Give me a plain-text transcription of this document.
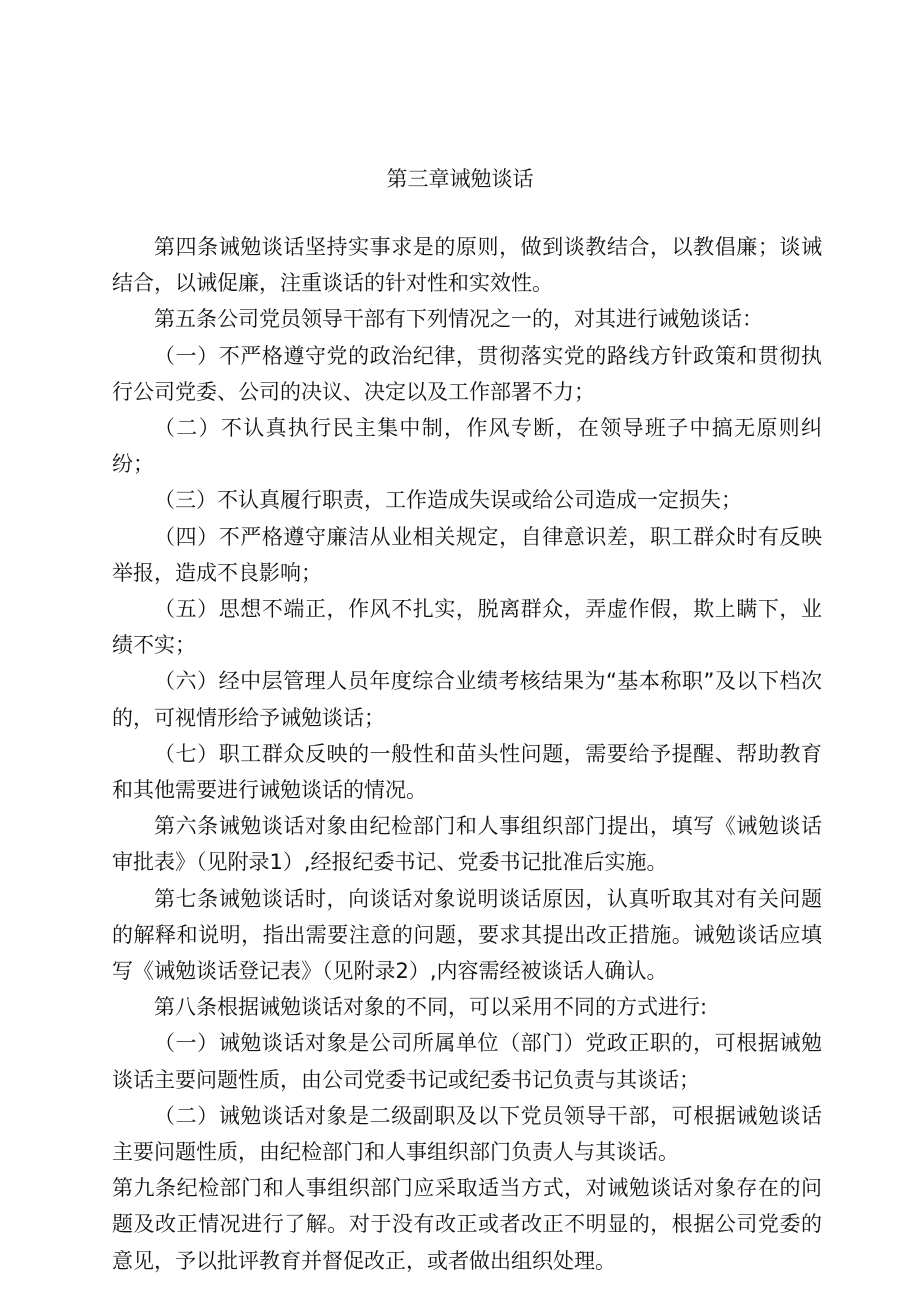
第三章诫勉谈话

第四条诫勉谈话坚持实事求是的原则，做到谈教结合，以教倡廉；谈诫结合，以诫促廉，注重谈话的针对性和实效性。

第五条公司党员领导干部有下列情况之一的，对其进行诫勉谈话：

（一）不严格遵守党的政治纪律，贯彻落实党的路线方针政策和贯彻执行公司党委、公司的决议、决定以及工作部署不力；

（二）不认真执行民主集中制，作风专断，在领导班子中搞无原则纠纷；

（三）不认真履行职责，工作造成失误或给公司造成一定损失；

（四）不严格遵守廉洁从业相关规定，自律意识差，职工群众时有反映举报，造成不良影响；

（五）思想不端正，作风不扎实，脱离群众，弄虚作假，欺上瞒下，业绩不实；

（六）经中层管理人员年度综合业绩考核结果为“基本称职”及以下档次的，可视情形给予诫勉谈话；

（七）职工群众反映的一般性和苗头性问题，需要给予提醒、帮助教育和其他需要进行诫勉谈话的情况。

第六条诫勉谈话对象由纪检部门和人事组织部门提出，填写《诫勉谈话审批表》（见附录1）,经报纪委书记、党委书记批准后实施。

第七条诫勉谈话时，向谈话对象说明谈话原因，认真听取其对有关问题的解释和说明，指出需要注意的问题，要求其提出改正措施。诫勉谈话应填写《诫勉谈话登记表》（见附录2）,内容需经被谈话人确认。

第八条根据诫勉谈话对象的不同，可以采用不同的方式进行:

（一）诫勉谈话对象是公司所属单位（部门）党政正职的，可根据诫勉谈话主要问题性质，由公司党委书记或纪委书记负责与其谈话；

（二）诫勉谈话对象是二级副职及以下党员领导干部，可根据诫勉谈话主要问题性质，由纪检部门和人事组织部门负责人与其谈话。

第九条纪检部门和人事组织部门应采取适当方式，对诫勉谈话对象存在的问题及改正情况进行了解。对于没有改正或者改正不明显的，根据公司党委的意见，予以批评教育并督促改正，或者做出组织处理。
